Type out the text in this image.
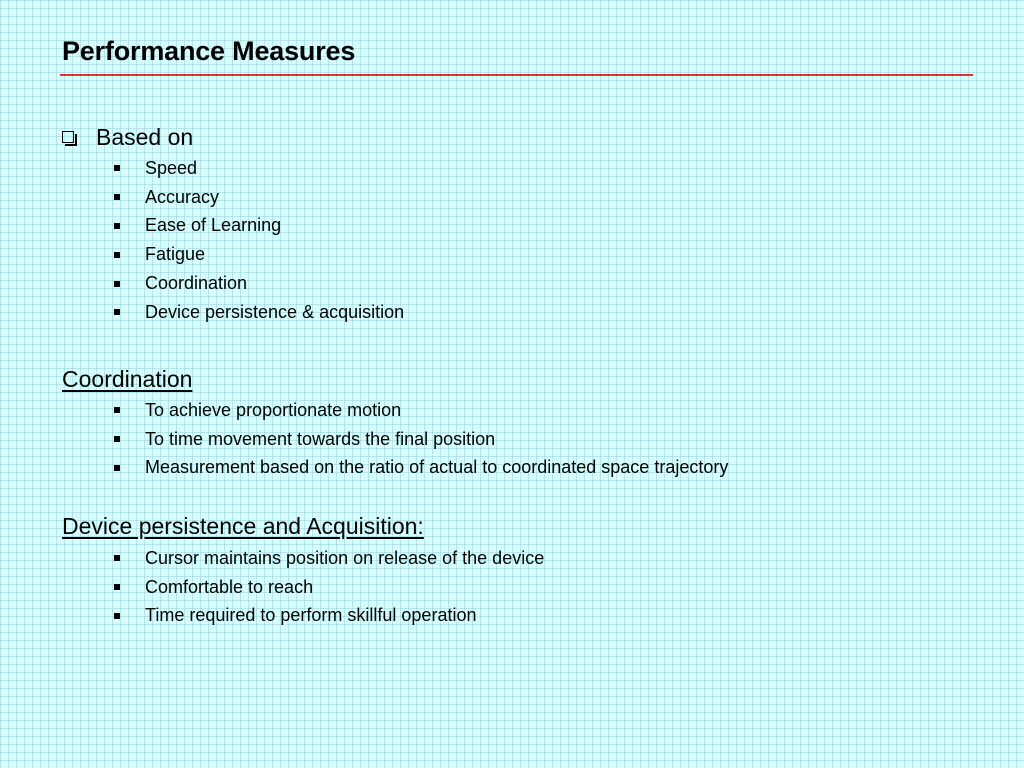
Performance Measures
Based on
Speed
Accuracy
Ease of Learning
Fatigue
Coordination
Device persistence & acquisition
Coordination
To achieve proportionate motion
To time movement towards the final position
Measurement based on the ratio of actual to coordinated space trajectory
Device persistence and Acquisition:
Cursor maintains position on release of the device
Comfortable to reach
Time required to perform skillful operation
